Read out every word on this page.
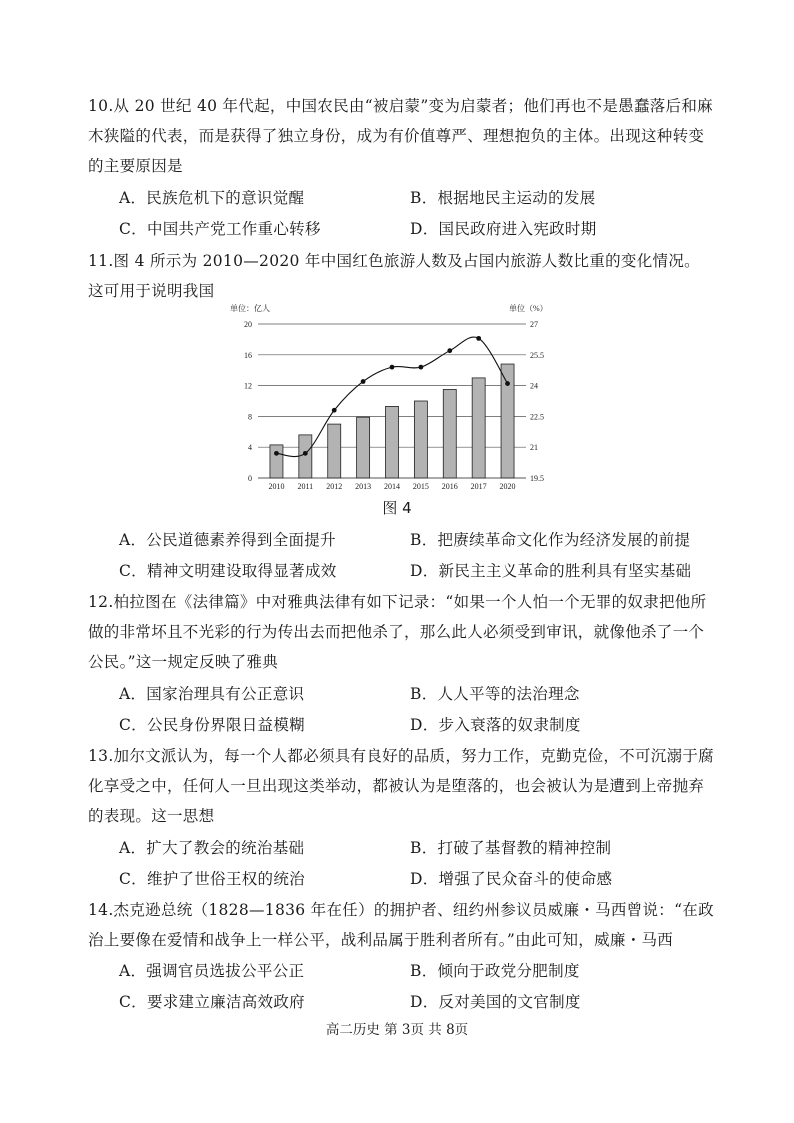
10.从 20 世纪 40 年代起，中国农民由“被启蒙”变为启蒙者；他们再也不是愚蠢落后和麻木狭隘的代表，而是获得了独立身份，成为有价值尊严、理想抱负的主体。出现这种转变的主要原因是

A．民族危机下的意识觉醒	B．根据地民主运动的发展
C．中国共产党工作重心转移	D．国民政府进入宪政时期

11.图 4 所示为 2010—2020 年中国红色旅游人数及占国内旅游人数比重的变化情况。这可用于说明我国

0	19.5
4	21
8	22.5
12	24
16	25.5
20	27
单位：亿人	单位（%）
2010 2011 2012 2013 2014 2015 2016 2017 2020
图 4
A．公民道德素养得到全面提升	B．把赓续革命文化作为经济发展的前提
C．精神文明建设取得显著成效	D．新民主主义革命的胜利具有坚实基础

12.柏拉图在《法律篇》中对雅典法律有如下记录：“如果一个人怕一个无罪的奴隶把他所做的非常坏且不光彩的行为传出去而把他杀了，那么此人必须受到审讯，就像他杀了一个公民。”这一规定反映了雅典

A．国家治理具有公正意识	B．人人平等的法治理念
C．公民身份界限日益模糊	D．步入衰落的奴隶制度

13.加尔文派认为，每一个人都必须具有良好的品质，努力工作，克勤克俭，不可沉溺于腐化享受之中，任何人一旦出现这类举动，都被认为是堕落的，也会被认为是遭到上帝抛弃的表现。这一思想

A．扩大了教会的统治基础	B．打破了基督教的精神控制
C．维护了世俗王权的统治	D．增强了民众奋斗的使命感

14.杰克逊总统（1828—1836 年在任）的拥护者、纽约州参议员威廉・马西曾说：“在政治上要像在爱情和战争上一样公平，战利品属于胜利者所有。”由此可知，威廉・马西

A．强调官员选拔公平公正	B．倾向于政党分肥制度
C．要求建立廉洁高效政府	D．反对美国的文官制度
高二历史 第 3页 共 8页
